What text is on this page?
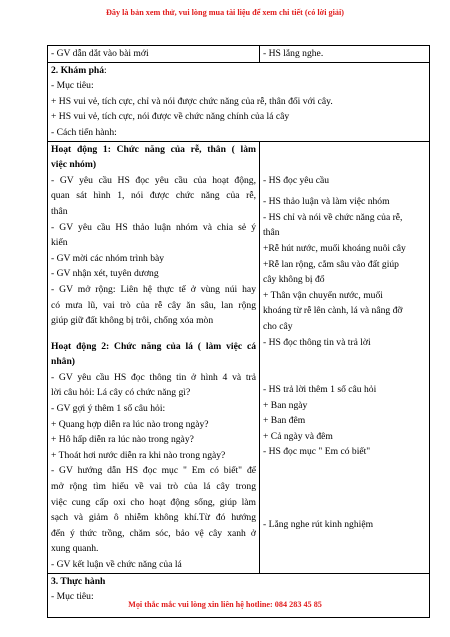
Đây là bản xem thử, vui lòng mua tài liệu để xem chi tiết (có lời giải)
- GV dẫn dắt vào bài mới	- HS lắng nghe.
2. Khám phá:
- Mục tiêu:
+ HS vui vẻ, tích cực, chỉ và nói được chức năng của rễ, thân đối với cây.
+ HS vui vẻ, tích cực, nói được về chức năng chính của lá cây
- Cách tiến hành:
Hoạt động 1: Chức năng của rễ, thân ( làm
việc nhóm)
- GV yêu cầu HS đọc yêu cầu của hoạt động,
quan sát hình 1, nói được chức năng của rễ,
thân
- GV yêu cầu HS thảo luận nhóm và chia sẻ ý
kiến
- GV mời các nhóm trình bày
- GV nhận xét, tuyên dương
- GV mở rộng: Liên hệ thực tế ở vùng núi hay
có mưa lũ, vai trò của rễ cây ăn sâu, lan rộng
giúp giữ đất không bị trôi, chống xóa mòn
Hoạt động 2: Chức năng của lá ( làm việc cá
nhân)
- GV yêu cầu HS đọc thông tin ở hình 4 và trả
lời câu hỏi: Lá cây có chức năng gì?
- GV gợi ý thêm 1 số câu hỏi:
+ Quang hợp diễn ra lúc nào trong ngày?
+ Hô hấp diễn ra lúc nào trong ngày?
+ Thoát hơi nước diễn ra khi nào trong ngày?
- GV hướng dẫn HS đọc mục " Em có biết" để
mở rộng tìm hiểu về vai trò của lá cây trong
việc cung cấp oxi cho hoạt động sống, giúp làm
sạch và giảm ô nhiễm không khí.Từ đó hướng
đến ý thức trồng, chăm sóc, bảo vệ cây xanh ở
xung quanh.
- GV kết luận về chức năng của lá
- HS đọc yêu cầu
- HS thảo luận và làm việc nhóm
- HS chỉ và nói về chức năng của rễ,
thân
+Rễ hút nước, muối khoáng nuôi cây
+Rễ lan rộng, cắm sâu vào đất giúp
cây không bị đổ
+ Thân vận chuyển nước, muối
khoáng từ rễ lên cành, lá và nâng đỡ
cho cây
- HS đọc thông tin và trả lời
- HS trả lời thêm 1 số câu hỏi
+ Ban ngày
+ Ban đêm
+ Cả ngày và đêm
- HS đọc mục " Em có biết"
- Lắng nghe rút kinh nghiệm
3. Thực hành
- Mục tiêu:
Mọi thắc mắc vui lòng xin liên hệ hotline: 084 283 45 85
